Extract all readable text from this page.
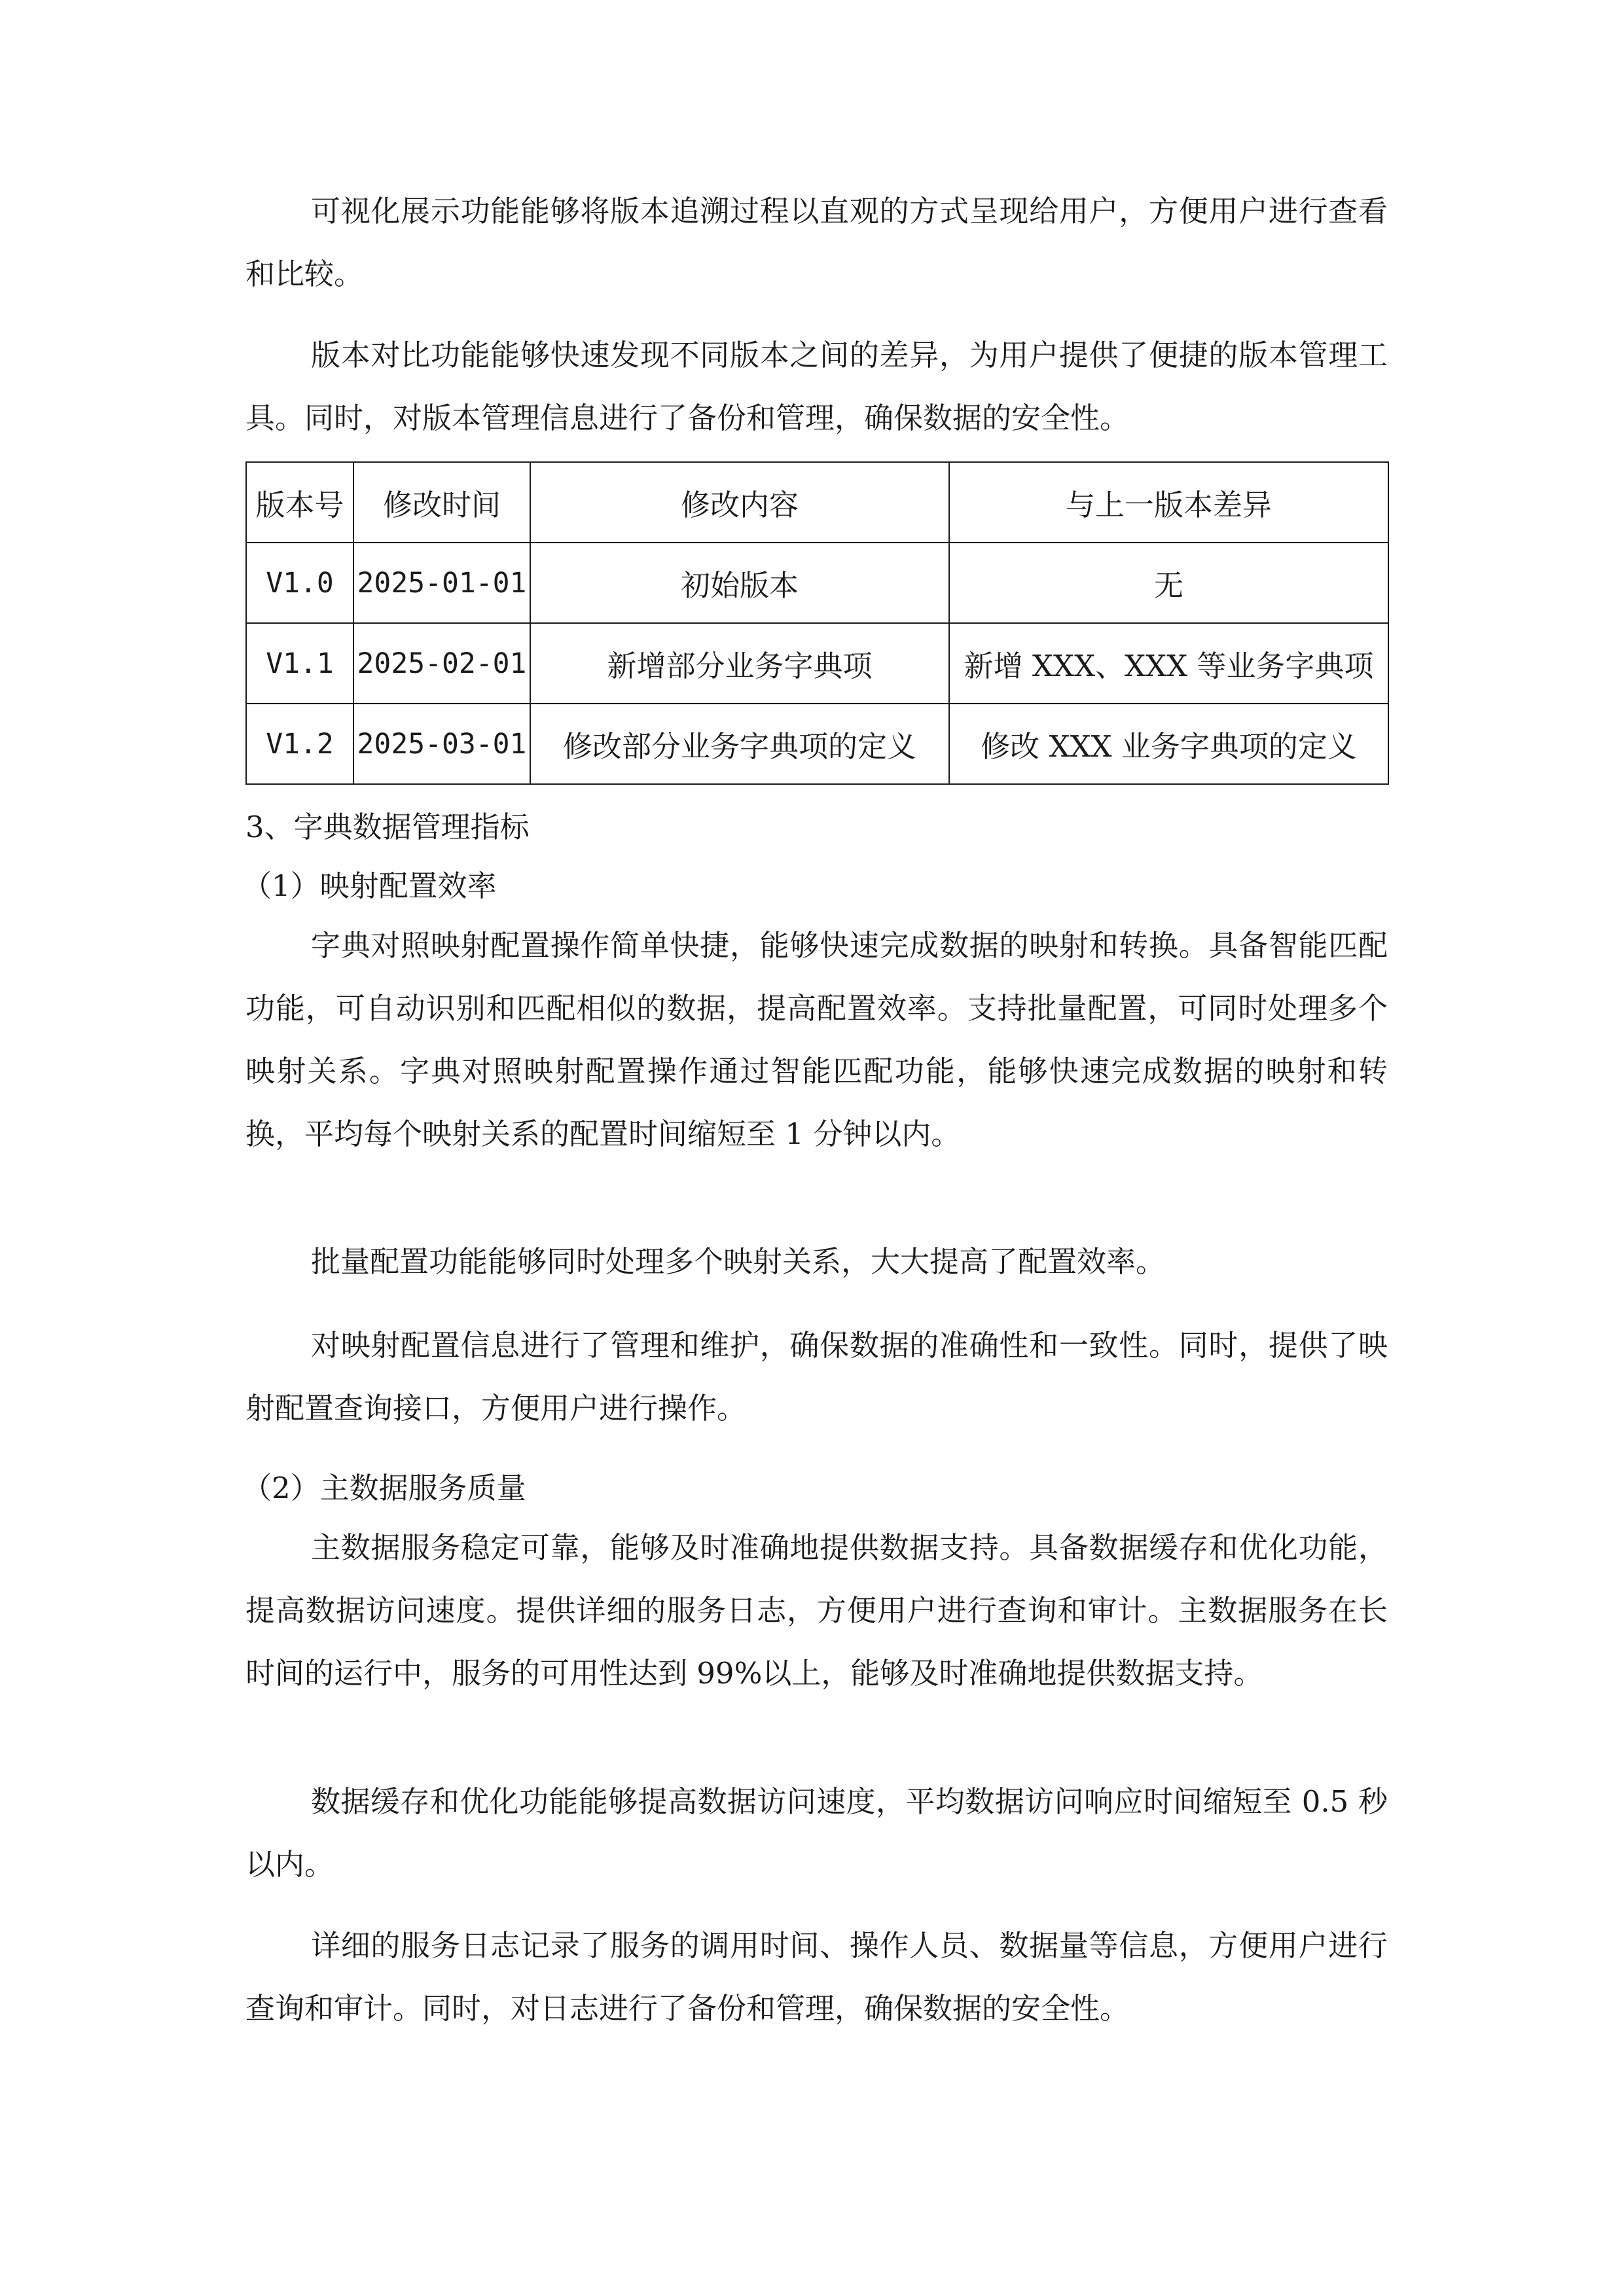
可视化展示功能能够将版本追溯过程以直观的方式呈现给用户，方便用户进行查看和比较。

版本对比功能能够快速发现不同版本之间的差异，为用户提供了便捷的版本管理工具。同时，对版本管理信息进行了备份和管理，确保数据的安全性。

版本号	修改时间	修改内容	与上一版本差异
V1.0	2025-01-01	初始版本	无
V1.1	2025-02-01	新增部分业务字典项	新增 XXX、XXX 等业务字典项
V1.2	2025-03-01	修改部分业务字典项的定义	修改 XXX 业务字典项的定义
3、字典数据管理指标
（1）映射配置效率

字典对照映射配置操作简单快捷，能够快速完成数据的映射和转换。具备智能匹配功能，可自动识别和匹配相似的数据，提高配置效率。支持批量配置，可同时处理多个映射关系。字典对照映射配置操作通过智能匹配功能，能够快速完成数据的映射和转换，平均每个映射关系的配置时间缩短至 1 分钟以内。

批量配置功能能够同时处理多个映射关系，大大提高了配置效率。

对映射配置信息进行了管理和维护，确保数据的准确性和一致性。同时，提供了映射配置查询接口，方便用户进行操作。

（2）主数据服务质量

主数据服务稳定可靠，能够及时准确地提供数据支持。具备数据缓存和优化功能，提高数据访问速度。提供详细的服务日志，方便用户进行查询和审计。主数据服务在长时间的运行中，服务的可用性达到 99%以上，能够及时准确地提供数据支持。

数据缓存和优化功能能够提高数据访问速度，平均数据访问响应时间缩短至 0.5 秒以内。

详细的服务日志记录了服务的调用时间、操作人员、数据量等信息，方便用户进行查询和审计。同时，对日志进行了备份和管理，确保数据的安全性。
